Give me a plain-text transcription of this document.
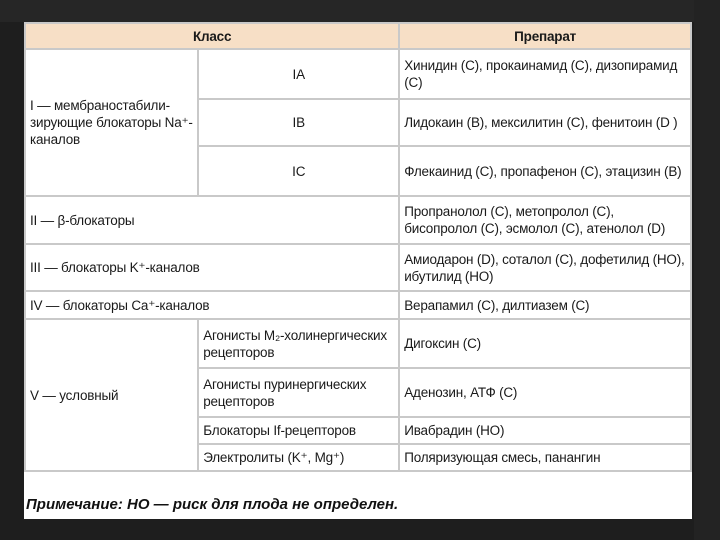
Класс		Препарат
I — мембраностабили-зирующие блокаторы Na⁺-каналов	IA	Хинидин (С), прокаинамид (С), дизопирамид (С)
	IB	Лидокаин (В), мексилитин (С), фенитоин (D )
	IC	Флекаинид (С), пропафенон (С), этацизин (В)
II — β-блокаторы		Пропранолол (С), метопролол (С), бисопролол (С), эсмолол (С), атенолол (D)
III — блокаторы K⁺-каналов		Амиодарон (D), соталол (С), дофетилид (НО), ибутилид (НО)
IV — блокаторы Ca⁺-каналов		Верапамил (С), дилтиазем (С)
V — условный	Агонисты M₂-холинергических рецепторов	Дигоксин (С)
	Агонисты пуринергических рецепторов	Аденозин, АТФ (С)
	Блокаторы If-рецепторов	Ивабрадин (НО)
	Электролиты (K⁺, Mg⁺)	Поляризующая смесь, панангин
Примечание: НО — риск для плода не определен.
